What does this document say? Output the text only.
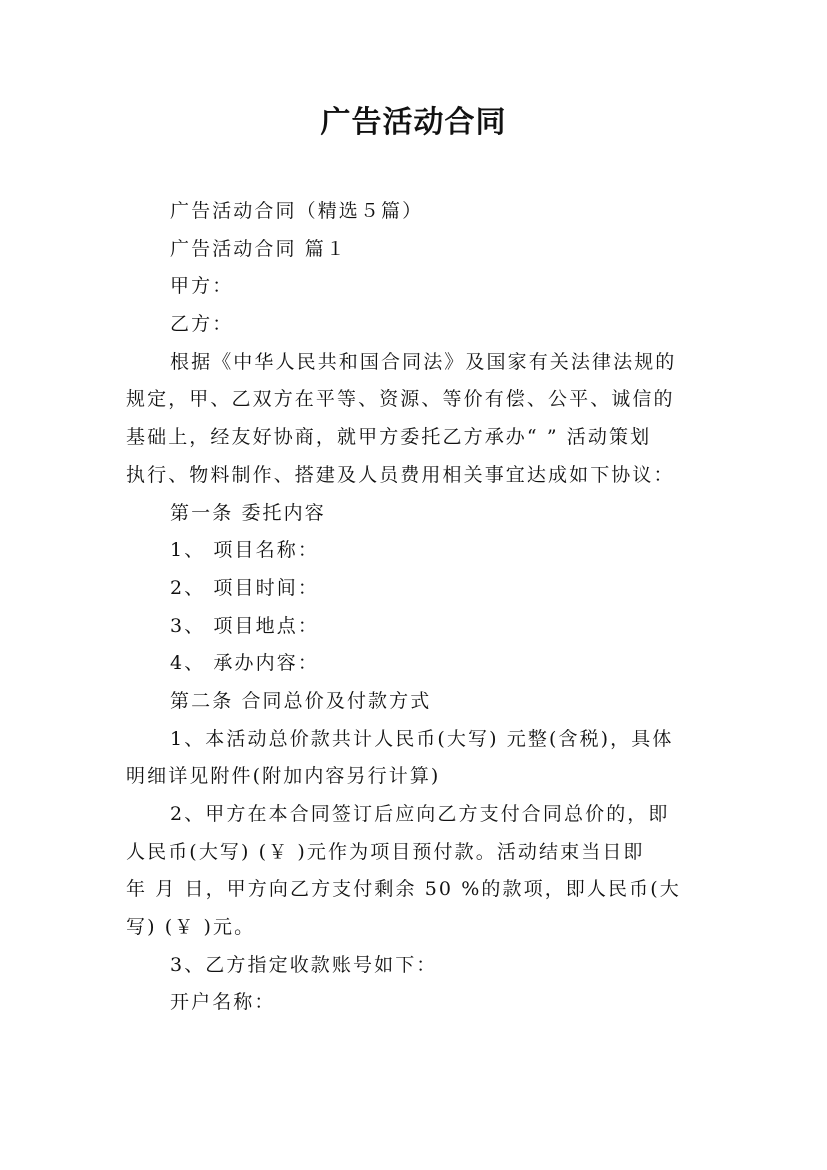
广告活动合同
广告活动合同（精选５篇）
广告活动合同 篇１
甲方：
乙方：
根据《中华人民共和国合同法》及国家有关法律法规的
规定，甲、乙双方在平等、资源、等价有偿、公平、诚信的
基础上，经友好协商，就甲方委托乙方承办“ ” 活动策划
执行、物料制作、搭建及人员费用相关事宜达成如下协议：
第一条 委托内容
1、 项目名称：
2、 项目时间：
3、 项目地点：
4、 承办内容：
第二条 合同总价及付款方式
1、本活动总价款共计人民币(大写) 元整(含税)，具体
明细详见附件(附加内容另行计算)
2、甲方在本合同签订后应向乙方支付合同总价的，即
人民币(大写) (￥ )元作为项目预付款。活动结束当日即
年 月 日，甲方向乙方支付剩余 50 %的款项，即人民币(大
写) (￥ )元。
3、乙方指定收款账号如下：
开户名称：
